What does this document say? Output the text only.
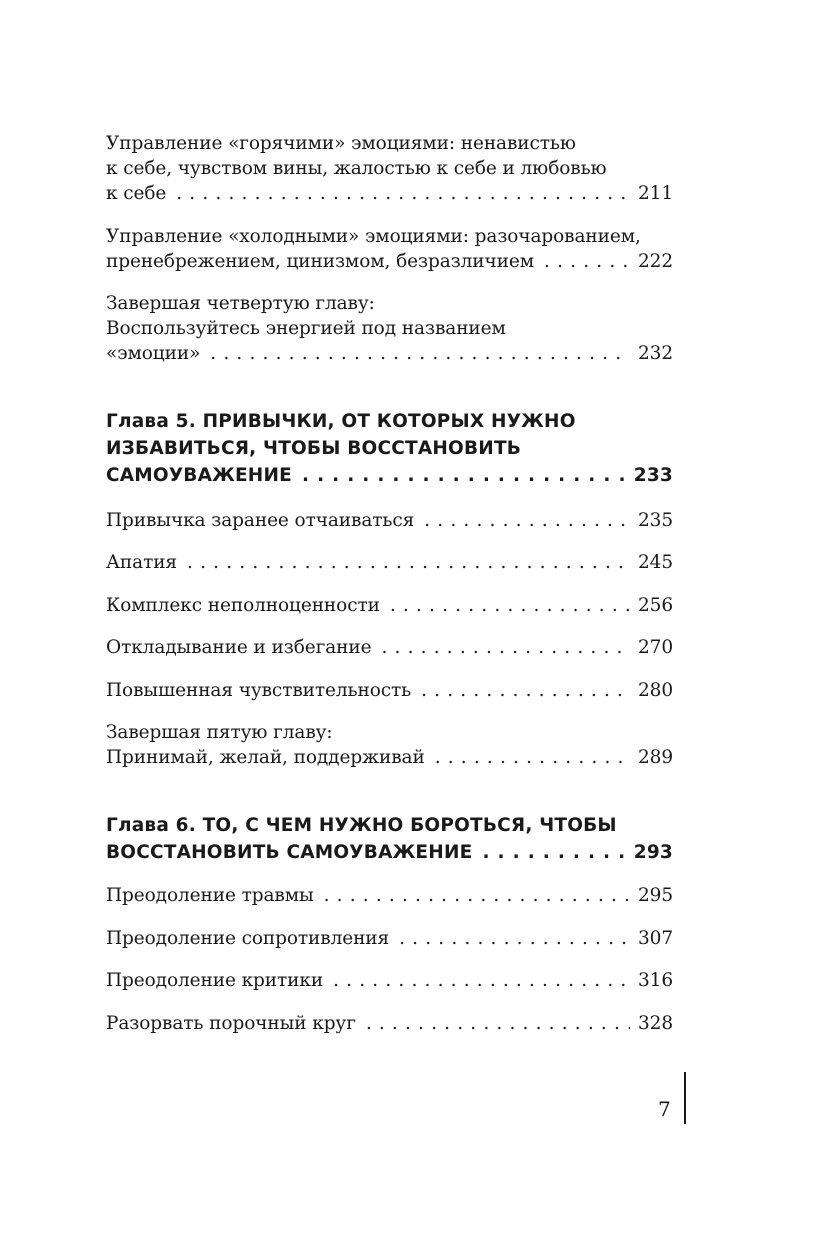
Управление «горячими» эмоциями: ненавистью
к себе, чувством вины, жалостью к себе и любовью
к себе . . .	211
Управление «холодными» эмоциями: разочарованием,
пренебрежением, цинизмом, безразличием . . .	222
Завершая четвертую главу:
Воспользуйтесь энергией под названием
«эмоции» . . .	232
Глава 5. ПРИВЫЧКИ, ОТ КОТОРЫХ НУЖНО
ИЗБАВИТЬСЯ, ЧТОБЫ ВОССТАНОВИТЬ
САМОУВАЖЕНИЕ . . .	233
Привычка заранее отчаиваться . . .	235
Апатия . . .	245
Комплекс неполноценности . . .	256
Откладывание и избегание . . .	270
Повышенная чувствительность . . .	280
Завершая пятую главу:
Принимай, желай, поддерживай . . .	289
Глава 6. ТО, С ЧЕМ НУЖНО БОРОТЬСЯ, ЧТОБЫ
ВОССТАНОВИТЬ САМОУВАЖЕНИЕ . . .	293
Преодоление травмы . . .	295
Преодоление сопротивления . . .	307
Преодоление критики . . .	316
Разорвать порочный круг . . .	328
7
